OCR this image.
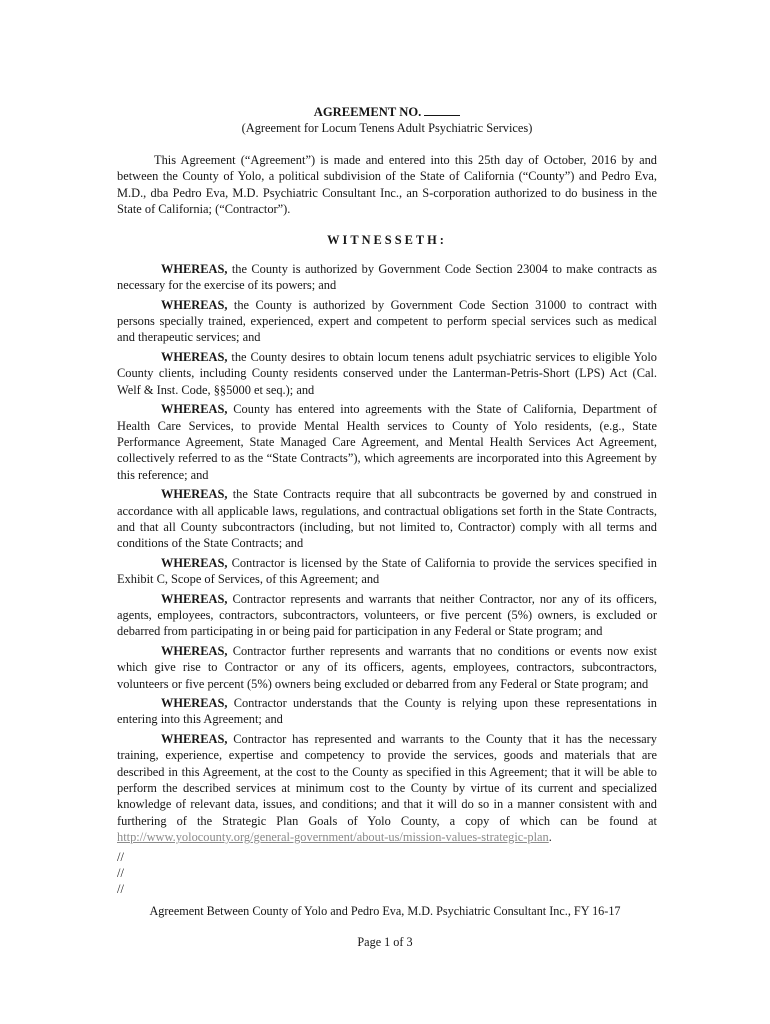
AGREEMENT NO.
(Agreement for Locum Tenens Adult Psychiatric Services)

This Agreement (“Agreement”) is made and entered into this 25th day of October, 2016 by and between the County of Yolo, a political subdivision of the State of California (“County”) and Pedro Eva, M.D., dba Pedro Eva, M.D. Psychiatric Consultant Inc., an S-corporation authorized to do business in the State of California; (“Contractor”).

WITNESSETH:

WHEREAS, the County is authorized by Government Code Section 23004 to make contracts as necessary for the exercise of its powers; and

WHEREAS, the County is authorized by Government Code Section 31000 to contract with persons specially trained, experienced, expert and competent to perform special services such as medical and therapeutic services; and

WHEREAS, the County desires to obtain locum tenens adult psychiatric services to eligible Yolo County clients, including County residents conserved under the Lanterman-Petris-Short (LPS) Act (Cal. Welf & Inst. Code, §§5000 et seq.); and

WHEREAS, County has entered into agreements with the State of California, Department of Health Care Services, to provide Mental Health services to County of Yolo residents, (e.g., State Performance Agreement, State Managed Care Agreement, and Mental Health Services Act Agreement, collectively referred to as the “State Contracts”), which agreements are incorporated into this Agreement by this reference; and

WHEREAS, the State Contracts require that all subcontracts be governed by and construed in accordance with all applicable laws, regulations, and contractual obligations set forth in the State Contracts, and that all County subcontractors (including, but not limited to, Contractor) comply with all terms and conditions of the State Contracts; and

WHEREAS, Contractor is licensed by the State of California to provide the services specified in Exhibit C, Scope of Services, of this Agreement; and

WHEREAS, Contractor represents and warrants that neither Contractor, nor any of its officers, agents, employees, contractors, subcontractors, volunteers, or five percent (5%) owners, is excluded or debarred from participating in or being paid for participation in any Federal or State program; and

WHEREAS, Contractor further represents and warrants that no conditions or events now exist which give rise to Contractor or any of its officers, agents, employees, contractors, subcontractors, volunteers or five percent (5%) owners being excluded or debarred from any Federal or State program; and

WHEREAS, Contractor understands that the County is relying upon these representations in entering into this Agreement; and

WHEREAS, Contractor has represented and warrants to the County that it has the necessary training, experience, expertise and competency to provide the services, goods and materials that are described in this Agreement, at the cost to the County as specified in this Agreement; that it will be able to perform the described services at minimum cost to the County by virtue of its current and specialized knowledge of relevant data, issues, and conditions; and that it will do so in a manner consistent with and furthering of the Strategic Plan Goals of Yolo County, a copy of which can be found at http://www.yolocounty.org/general-government/about-us/mission-values-strategic-plan.

//
//
//
Agreement Between County of Yolo and Pedro Eva, M.D. Psychiatric Consultant Inc., FY 16-17
Page 1 of 3
